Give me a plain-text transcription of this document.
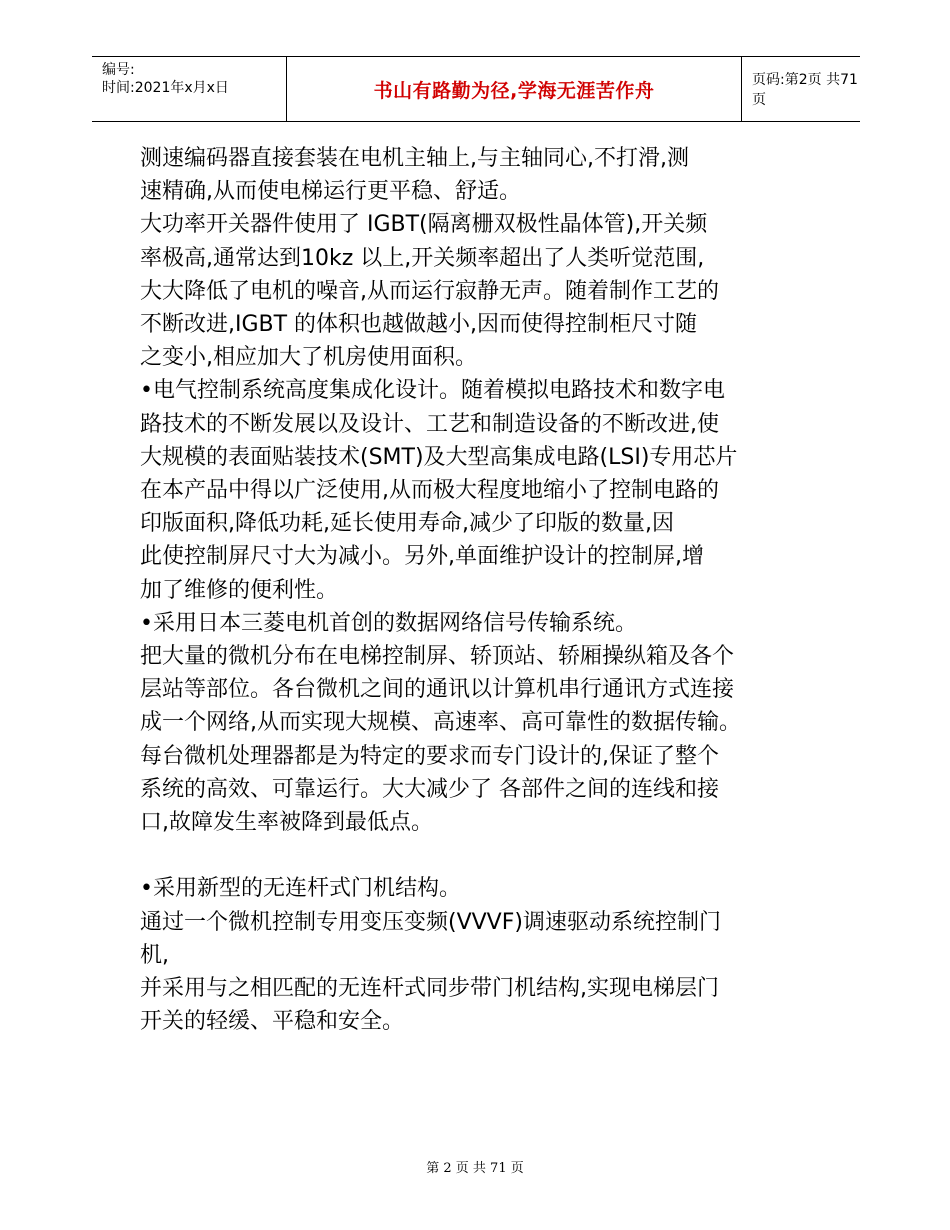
编号:
时间:2021年x月x日	书山有路勤为径,学海无涯苦作舟	页码:第2页 共71页

测速编码器直接套装在电机主轴上,与主轴同心,不打滑,测

速精确,从而使电梯运行更平稳、舒适。

大功率开关器件使用了 IGBT(隔离栅双极性晶体管),开关频

率极高,通常达到10kz 以上,开关频率超出了人类听觉范围,

大大降低了电机的噪音,从而运行寂静无声。随着制作工艺的

不断改进,IGBT 的体积也越做越小,因而使得控制柜尺寸随

之变小,相应加大了机房使用面积。

•电气控制系统高度集成化设计。随着模拟电路技术和数字电

路技术的不断发展以及设计、工艺和制造设备的不断改进,使

大规模的表面贴装技术(SMT)及大型高集成电路(LSI)专用芯片

在本产品中得以广泛使用,从而极大程度地缩小了控制电路的

印版面积,降低功耗,延长使用寿命,减少了印版的数量,因

此使控制屏尺寸大为减小。另外,单面维护设计的控制屏,增

加了维修的便利性。

•采用日本三菱电机首创的数据网络信号传输系统。

把大量的微机分布在电梯控制屏、轿顶站、轿厢操纵箱及各个

层站等部位。各台微机之间的通讯以计算机串行通讯方式连接

成一个网络,从而实现大规模、高速率、高可靠性的数据传输。

每台微机处理器都是为特定的要求而专门设计的,保证了整个

系统的高效、可靠运行。大大减少了 各部件之间的连线和接

口,故障发生率被降到最低点。

•采用新型的无连杆式门机结构。

通过一个微机控制专用变压变频(VVVF)调速驱动系统控制门

机,

并采用与之相匹配的无连杆式同步带门机结构,实现电梯层门

开关的轻缓、平稳和安全。

第 2 页 共 71 页
